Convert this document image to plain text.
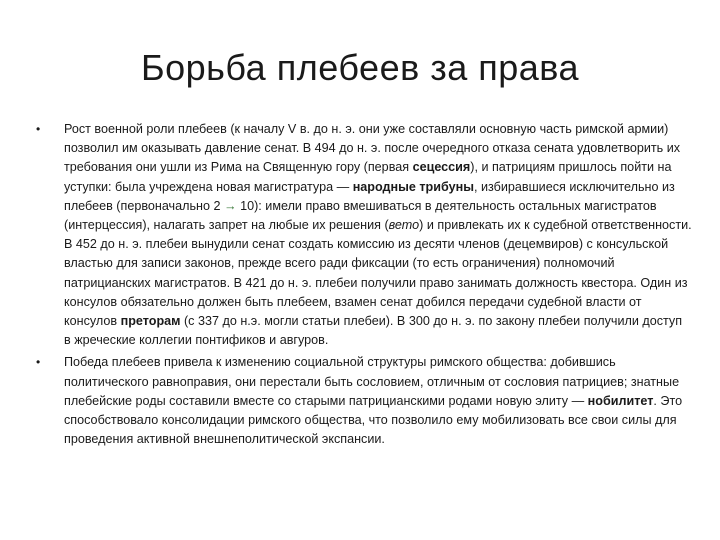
Борьба плебеев за права
•	Рост военной роли плебеев (к началу V в. до н. э. они уже составляли основную часть римской армии) позволил им оказывать давление сенат. В 494 до н. э. после очередного отказа сената удовлетворить их требования они ушли из Рима на Священную гору (первая сецессия), и патрициям пришлось пойти на уступки: была учреждена новая магистратура — народные трибуны, избиравшиеся исключительно из плебеев (первоначально 2 → 10): имели право вмешиваться в деятельность остальных магистратов (интерцессия), налагать запрет на любые их решения (вето) и привлекать их к судебной ответственности. В 452 до н. э. плебеи вынудили сенат создать комиссию из десяти членов (децемвиров) с консульской властью для записи законов, прежде всего ради фиксации (то есть ограничения) полномочий патрицианских магистратов. В 421 до н. э. плебеи получили право занимать должность квестора. Один из консулов обязательно должен быть плебеем, взамен сенат добился передачи судебной власти от консулов преторам (с 337 до н.э. могли статьи плебеи). В 300 до н. э. по закону плебеи получили доступ в жреческие коллегии понтификов и авгуров.
•	Победа плебеев привела к изменению социальной структуры римского общества: добившись политического равноправия, они перестали быть сословием, отличным от сословия патрициев; знатные плебейские роды составили вместе со старыми патрицианскими родами новую элиту — нобилитет. Это способствовало консолидации римского общества, что позволило ему мобилизовать все свои силы для проведения активной внешнеполитической экспансии.
